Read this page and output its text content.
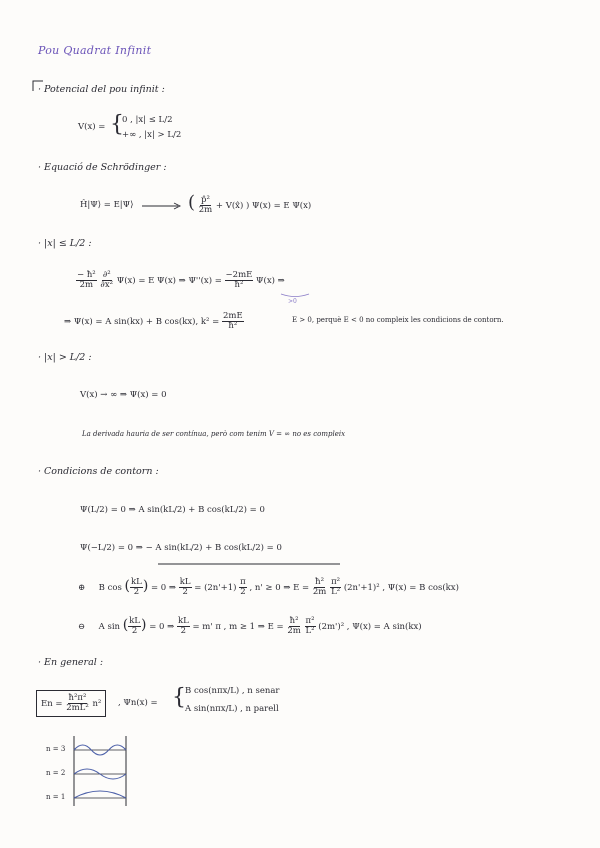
Pou Quadrat Infinit
· Potencial del pou infinit :
V(x) = {
0 , |x| ≤ L/2
+∞ , |x| > L/2
· Equació de Schrödinger :
Ĥ|Ψ⟩ = E|Ψ⟩	( $\frac{\text{p̂²}}{2m}$ + V(x̂) ) Ψ(x) = E Ψ(x)
· |x| ≤ L/2 :
$\frac{\text{− ħ²}}{2m}$
$\frac{\text{∂²}}{\text{∂x²}} \Psi(x) = E$ Ψ(x) ⇒ $\Psi''(x) = \frac{-2mE}{\text{ħ²}} \Psi(x)$ ⇒
>0
⇒ Ψ(x) = A sin(kx) + B cos(kx), $k^2 = \frac{2mE}{\text{ħ²}}$	E > 0, perquè E < 0 no compleix les condicions de contorn.
· |x| > L/2 :
V(x) → ∞ ⇒ Ψ(x) = 0
La derivada hauria de ser contínua, però com tenim V = ∞ no es compleix
· Condicions de contorn :
Ψ(L/2) = 0 ⇒ A sin(kL/2) + B cos(kL/2) = 0
Ψ(−L/2) = 0 ⇒ − A sin(kL/2) + B cos(kL/2) = 0
⊕ B cos ( $\frac{kL}{2}$ ) = 0 ⇒ $\frac{kL}{2} = (2n'+1) \frac{\pi}{2}$ , n' ≥ 0 ⇒ $E = \frac{\text{ħ²}}{2m}$
$\frac{\text{π²}}{\text{L²}} (2n'+1)^2$ , Ψ(x) = B cos(kx)
⊖ A sin ( $\frac{kL}{2}$ ) = 0 ⇒ $\frac{kL}{2} = m'$ π , m ≥ 1 ⇒ $E = \frac{\text{ħ²}}{2m}$
$\frac{\text{π²}}{\text{L²}} (2m')^2$ , Ψ(x) = A sin(kx)
· En general :
$En = \frac{\text{ħ²π²}}{\text{2mL²}} n^2$	, Ψn(x) = { B cos(nπx/L) , n senar
A sin(nπx/L) , n parell
n = 3
n = 2
n = 1
